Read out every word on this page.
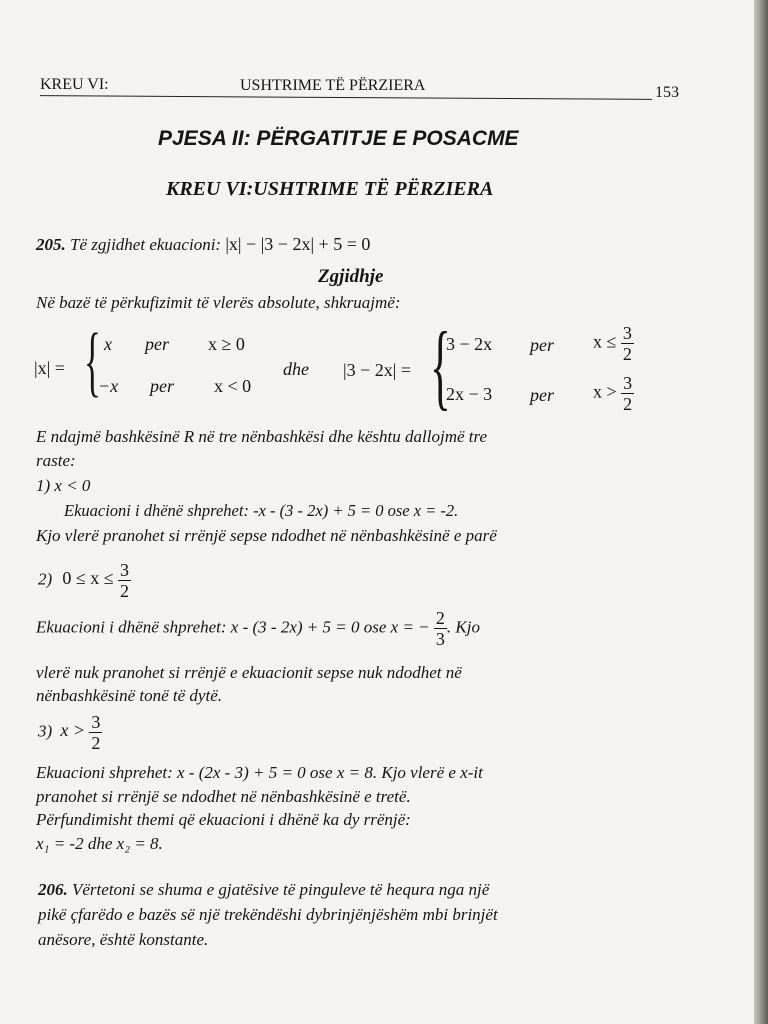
KREU VI:	USHTRIME TË PËRZIERA	153
PJESA II: PËRGATITJE E POSACME
KREU VI:USHTRIME TË PËRZIERA
205. Të zgjidhet ekuacioni: |x| − |3 − 2x| + 5 = 0
Zgjidhje
Në bazë të përkufizimit të vlerës absolute, shkruajmë:
|x| = { x per x ≥ 0
−x per x < 0
dhe |3 − 2x| = {
3 − 2x per $x \le \frac{3}{2}$
2x − 3 per $x > \frac{3}{2}$
E ndajmë bashkësinë R në tre nënbashkësi dhe kështu dallojmë tre
raste:
1) x < 0
Ekuacioni i dhënë shprehet: -x - (3 - 2x) + 5 = 0 ose x = -2.
Kjo vlerë pranohet si rrënjë sepse ndodhet në nënbashkësinë e parë
2) $0 \le x \le \frac{3}{2}$
Ekuacioni i dhënë shprehet: x - (3 - 2x) + 5 = 0 ose x = − $\frac{2}{3}$ . Kjo
vlerë nuk pranohet si rrënjë e ekuacionit sepse nuk ndodhet në
nënbashkësinë tonë të dytë.
3) $x > \frac{3}{2}$
Ekuacioni shprehet: x - (2x - 3) + 5 = 0 ose x = 8. Kjo vlerë e x-it
pranohet si rrënjë se ndodhet në nënbashkësinë e tretë.
Përfundimisht themi që ekuacioni i dhënë ka dy rrënjë:
x₁ = -2 dhe x₂ = 8.
206. Vërtetoni se shuma e gjatësive të pingulеve të hequra nga një
pikë çfarëdo e bazës së një trekëndëshi dybrinjënjëshëm mbi brinjët
anësore, është konstante.
